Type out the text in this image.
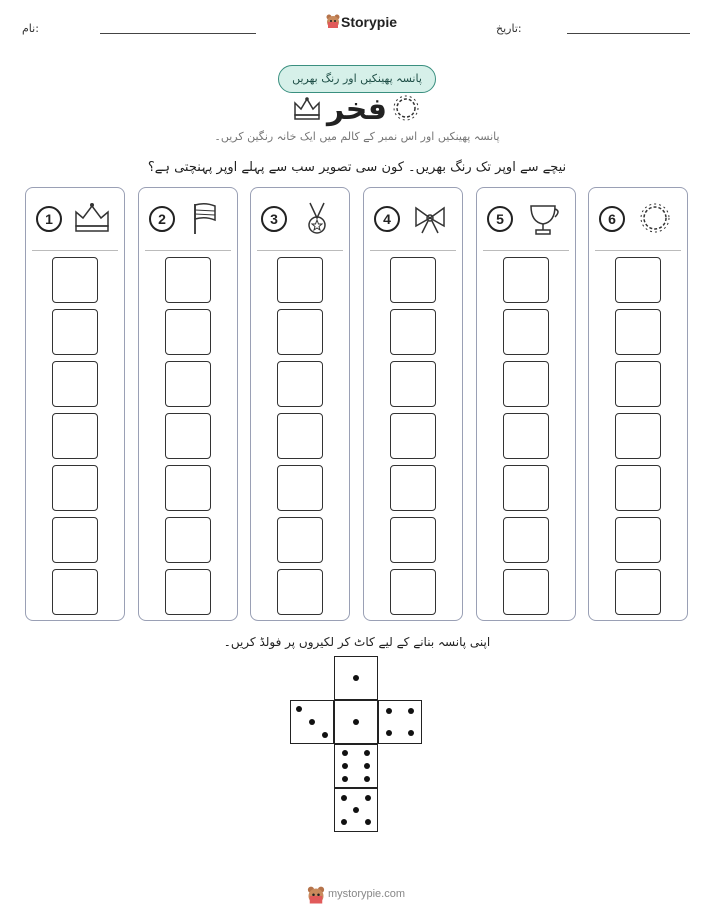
نام:	Storypie	تاریخ:
پانسہ پھینکیں اور رنگ بھریں
فخر
پانسہ پھینکیں اور اس نمبر کے کالم میں ایک خانہ رنگین کریں۔
نیچے سے اوپر تک رنگ بھریں۔ کون سی تصویر سب سے پہلے اوپر پہنچتی ہے؟
1	2	3	4	5	6
اپنی پانسہ بنانے کے لیے کاٹ کر لکیروں پر فولڈ کریں۔
mystorypie.com
